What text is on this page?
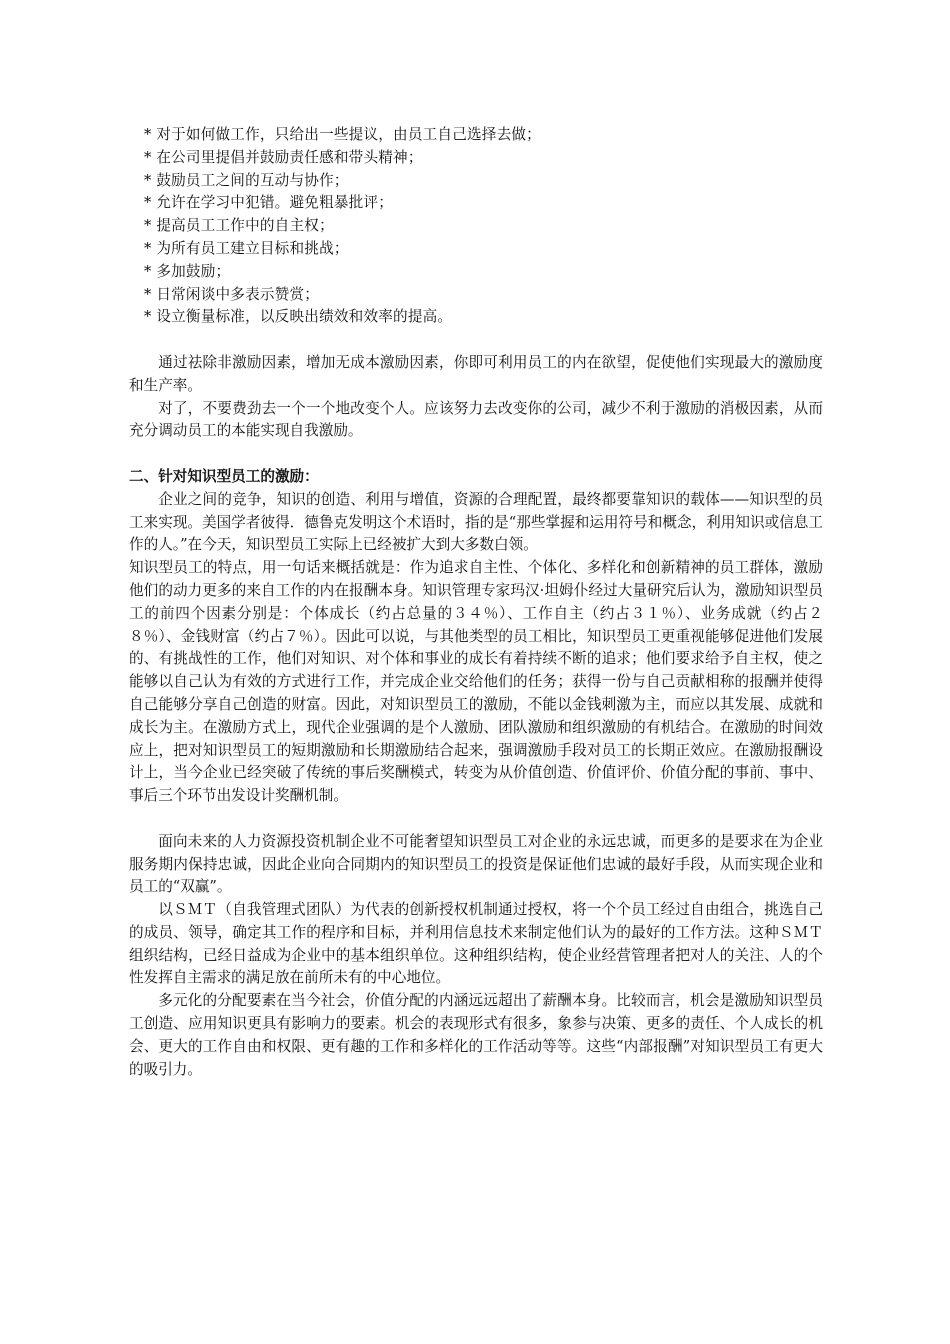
* 对于如何做工作，只给出一些提议，由员工自己选择去做；
* 在公司里提倡并鼓励责任感和带头精神；
* 鼓励员工之间的互动与协作；
* 允许在学习中犯错。避免粗暴批评；
* 提高员工工作中的自主权；
* 为所有员工建立目标和挑战；
* 多加鼓励；
* 日常闲谈中多表示赞赏；
* 设立衡量标准，以反映出绩效和效率的提高。

通过祛除非激励因素，增加无成本激励因素，你即可利用员工的内在欲望，促使他们实现最大的激励度和生产率。

对了，不要费劲去一个一个地改变个人。应该努力去改变你的公司，减少不利于激励的消极因素，从而充分调动员工的本能实现自我激励。

二、针对知识型员工的激励：

企业之间的竞争，知识的创造、利用与增值，资源的合理配置，最终都要靠知识的载体——知识型的员工来实现。美国学者彼得．德鲁克发明这个术语时，指的是“那些掌握和运用符号和概念，利用知识或信息工作的人。”在今天，知识型员工实际上已经被扩大到大多数白领。

知识型员工的特点，用一句话来概括就是：作为追求自主性、个体化、多样化和创新精神的员工群体，激励他们的动力更多的来自工作的内在报酬本身。知识管理专家玛汉·坦姆仆经过大量研究后认为，激励知识型员工的前四个因素分别是：个体成长（约占总量的３４％）、工作自主（约占３１％）、业务成就（约占２８％）、金钱财富（约占７％）。因此可以说，与其他类型的员工相比，知识型员工更重视能够促进他们发展的、有挑战性的工作，他们对知识、对个体和事业的成长有着持续不断的追求；他们要求给予自主权，使之能够以自己认为有效的方式进行工作，并完成企业交给他们的任务；获得一份与自己贡献相称的报酬并使得自己能够分享自己创造的财富。因此，对知识型员工的激励，不能以金钱刺激为主，而应以其发展、成就和成长为主。在激励方式上，现代企业强调的是个人激励、团队激励和组织激励的有机结合。在激励的时间效应上，把对知识型员工的短期激励和长期激励结合起来，强调激励手段对员工的长期正效应。在激励报酬设计上，当今企业已经突破了传统的事后奖酬模式，转变为从价值创造、价值评价、价值分配的事前、事中、事后三个环节出发设计奖酬机制。

面向未来的人力资源投资机制企业不可能奢望知识型员工对企业的永远忠诚，而更多的是要求在为企业服务期内保持忠诚，因此企业向合同期内的知识型员工的投资是保证他们忠诚的最好手段，从而实现企业和员工的“双赢”。

以ＳＭＴ（自我管理式团队）为代表的创新授权机制通过授权，将一个个员工经过自由组合，挑选自己的成员、领导，确定其工作的程序和目标，并利用信息技术来制定他们认为的最好的工作方法。这种ＳＭＴ组织结构，已经日益成为企业中的基本组织单位。这种组织结构，使企业经营管理者把对人的关注、人的个性发挥自主需求的满足放在前所未有的中心地位。

多元化的分配要素在当今社会，价值分配的内涵远远超出了薪酬本身。比较而言，机会是激励知识型员工创造、应用知识更具有影响力的要素。机会的表现形式有很多，象参与决策、更多的责任、个人成长的机会、更大的工作自由和权限、更有趣的工作和多样化的工作活动等等。这些“内部报酬”对知识型员工有更大的吸引力。
